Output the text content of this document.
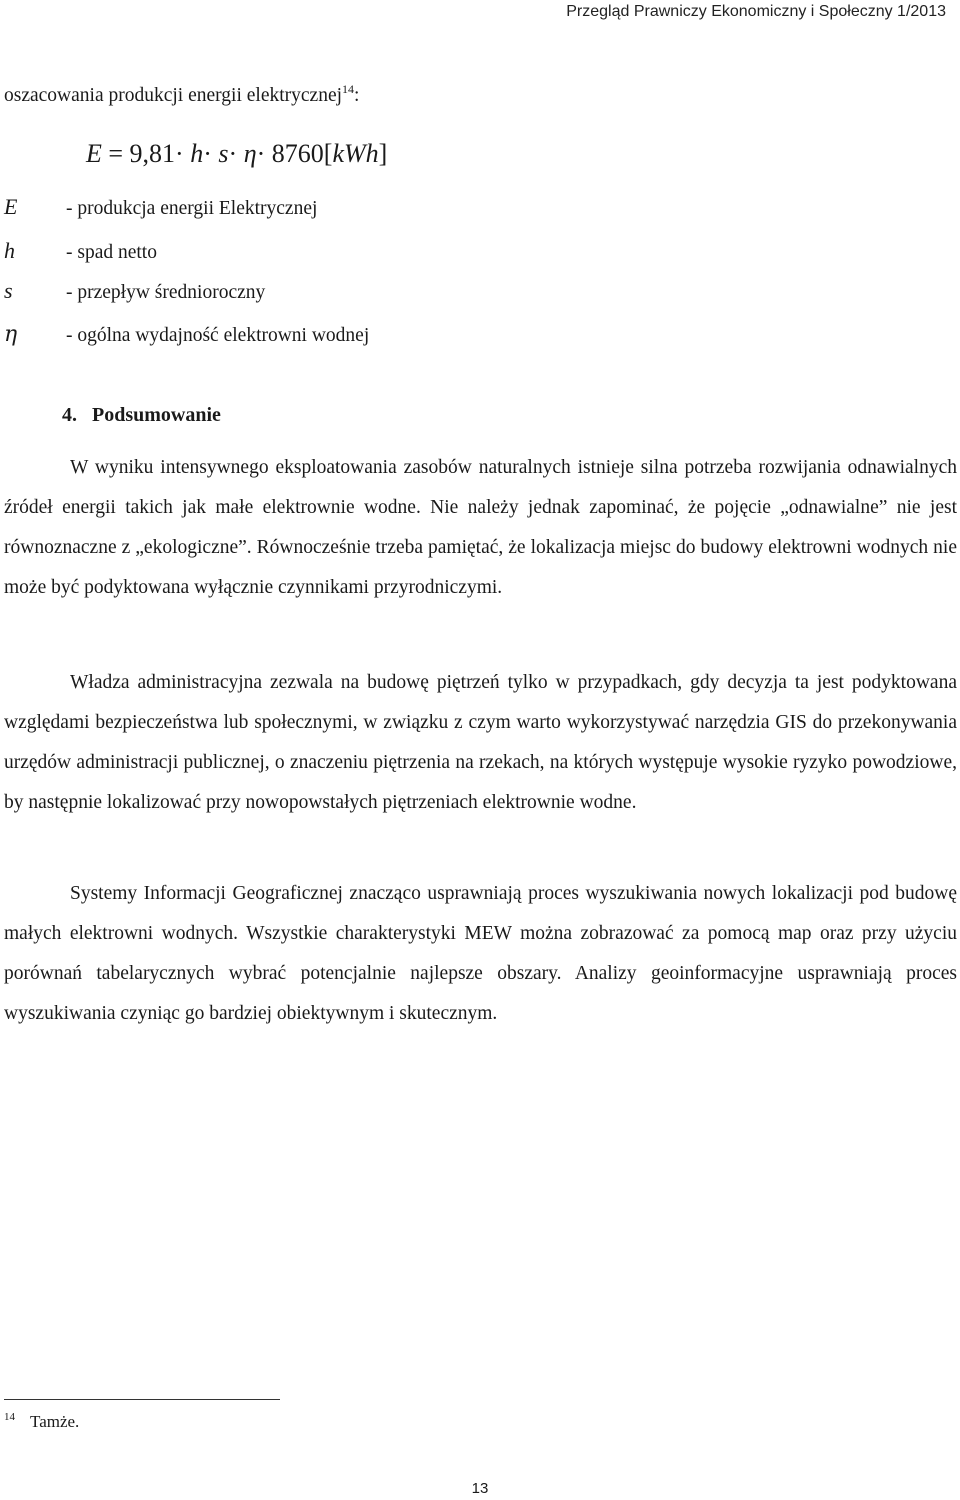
Przegląd Prawniczy Ekonomiczny i Społeczny 1/2013
oszacowania produkcji energii elektrycznej$^{14}$:
E = 9,81· h· s· η· 8760[kWh]
E - produkcja energii Elektrycznej
h	- spad netto
s	- przepływ średnioroczny
η	- ogólna wydajność elektrowni wodnej
4. Podsumowanie

W wyniku intensywnego eksploatowania zasobów naturalnych istnieje silna potrzeba rozwijania odnawialnych źródeł energii takich jak małe elektrownie wodne. Nie należy jednak zapominać, że pojęcie „odnawialne” nie jest równoznaczne z „ekologiczne”. Równocześnie trzeba pamiętać, że lokalizacja miejsc do budowy elektrowni wodnych nie może być podyktowana wyłącznie czynnikami przyrodniczymi.

Władza administracyjna zezwala na budowę piętrzeń tylko w przypadkach, gdy decyzja ta jest podyktowana względami bezpieczeństwa lub społecznymi, w związku z czym warto wykorzystywać narzędzia GIS do przekonywania urzędów administracji publicznej, o znaczeniu piętrzenia na rzekach, na których występuje wysokie ryzyko powodziowe, by następnie lokalizować przy nowopowstałych piętrzeniach elektrownie wodne.

Systemy Informacji Geograficznej znacząco usprawniają proces wyszukiwania nowych lokalizacji pod budowę małych elektrowni wodnych. Wszystkie charakterystyki MEW można zobrazować za pomocą map oraz przy użyciu porównań tabelarycznych wybrać potencjalnie najlepsze obszary. Analizy geoinformacyjne usprawniają proces wyszukiwania czyniąc go bardziej obiektywnym i skutecznym.

14 Tamże.
13
